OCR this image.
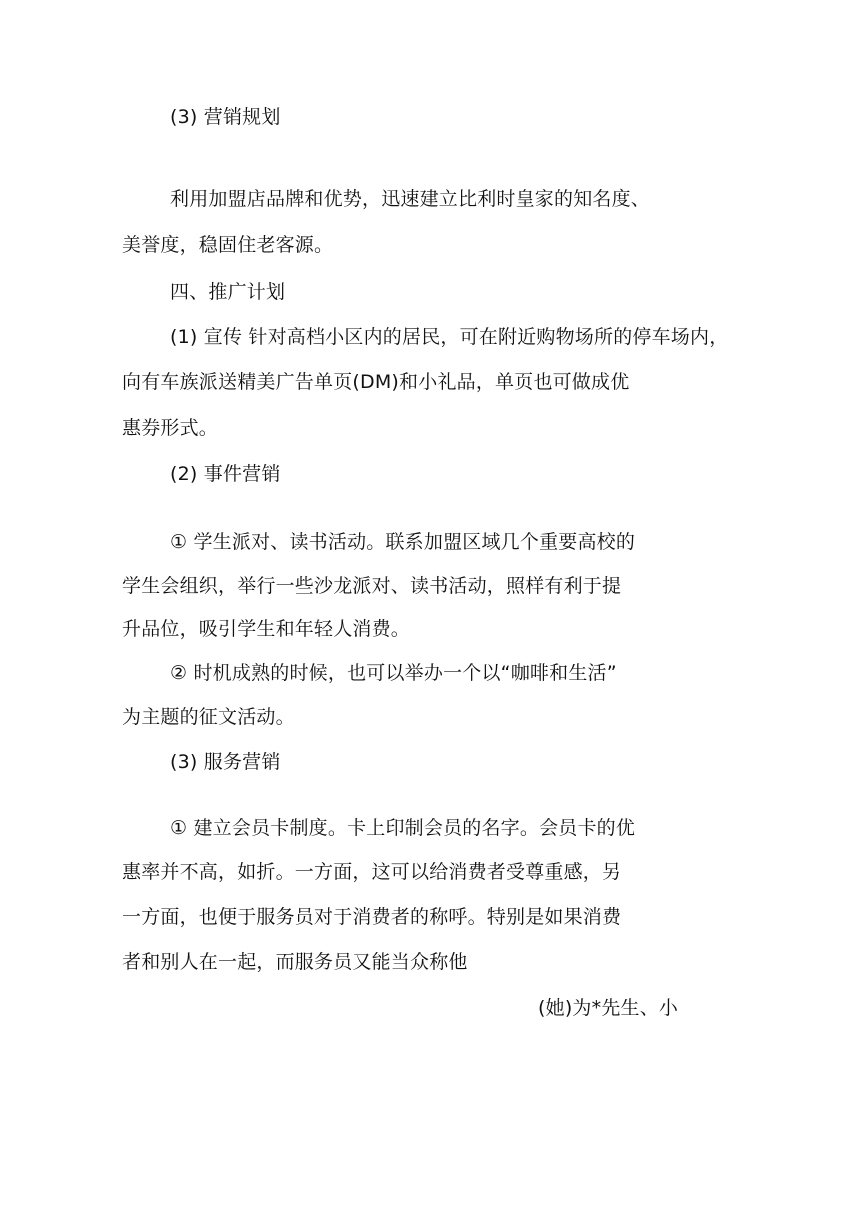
(3) 营销规划
利用加盟店品牌和优势，迅速建立比利时皇家的知名度、
美誉度，稳固住老客源。
四、推广计划
(1) 宣传 针对高档小区内的居民，可在附近购物场所的停车场内，
向有车族派送精美广告单页(DM)和小礼品，单页也可做成优
惠券形式。
(2) 事件营销
① 学生派对、读书活动。联系加盟区域几个重要高校的
学生会组织，举行一些沙龙派对、读书活动，照样有利于提
升品位，吸引学生和年轻人消费。
② 时机成熟的时候，也可以举办一个以“咖啡和生活”
为主题的征文活动。
(3) 服务营销
① 建立会员卡制度。卡上印制会员的名字。会员卡的优
惠率并不高，如折。一方面，这可以给消费者受尊重感，另
一方面，也便于服务员对于消费者的称呼。特别是如果消费
者和别人在一起，而服务员又能当众称他
(她)为*先生、小
